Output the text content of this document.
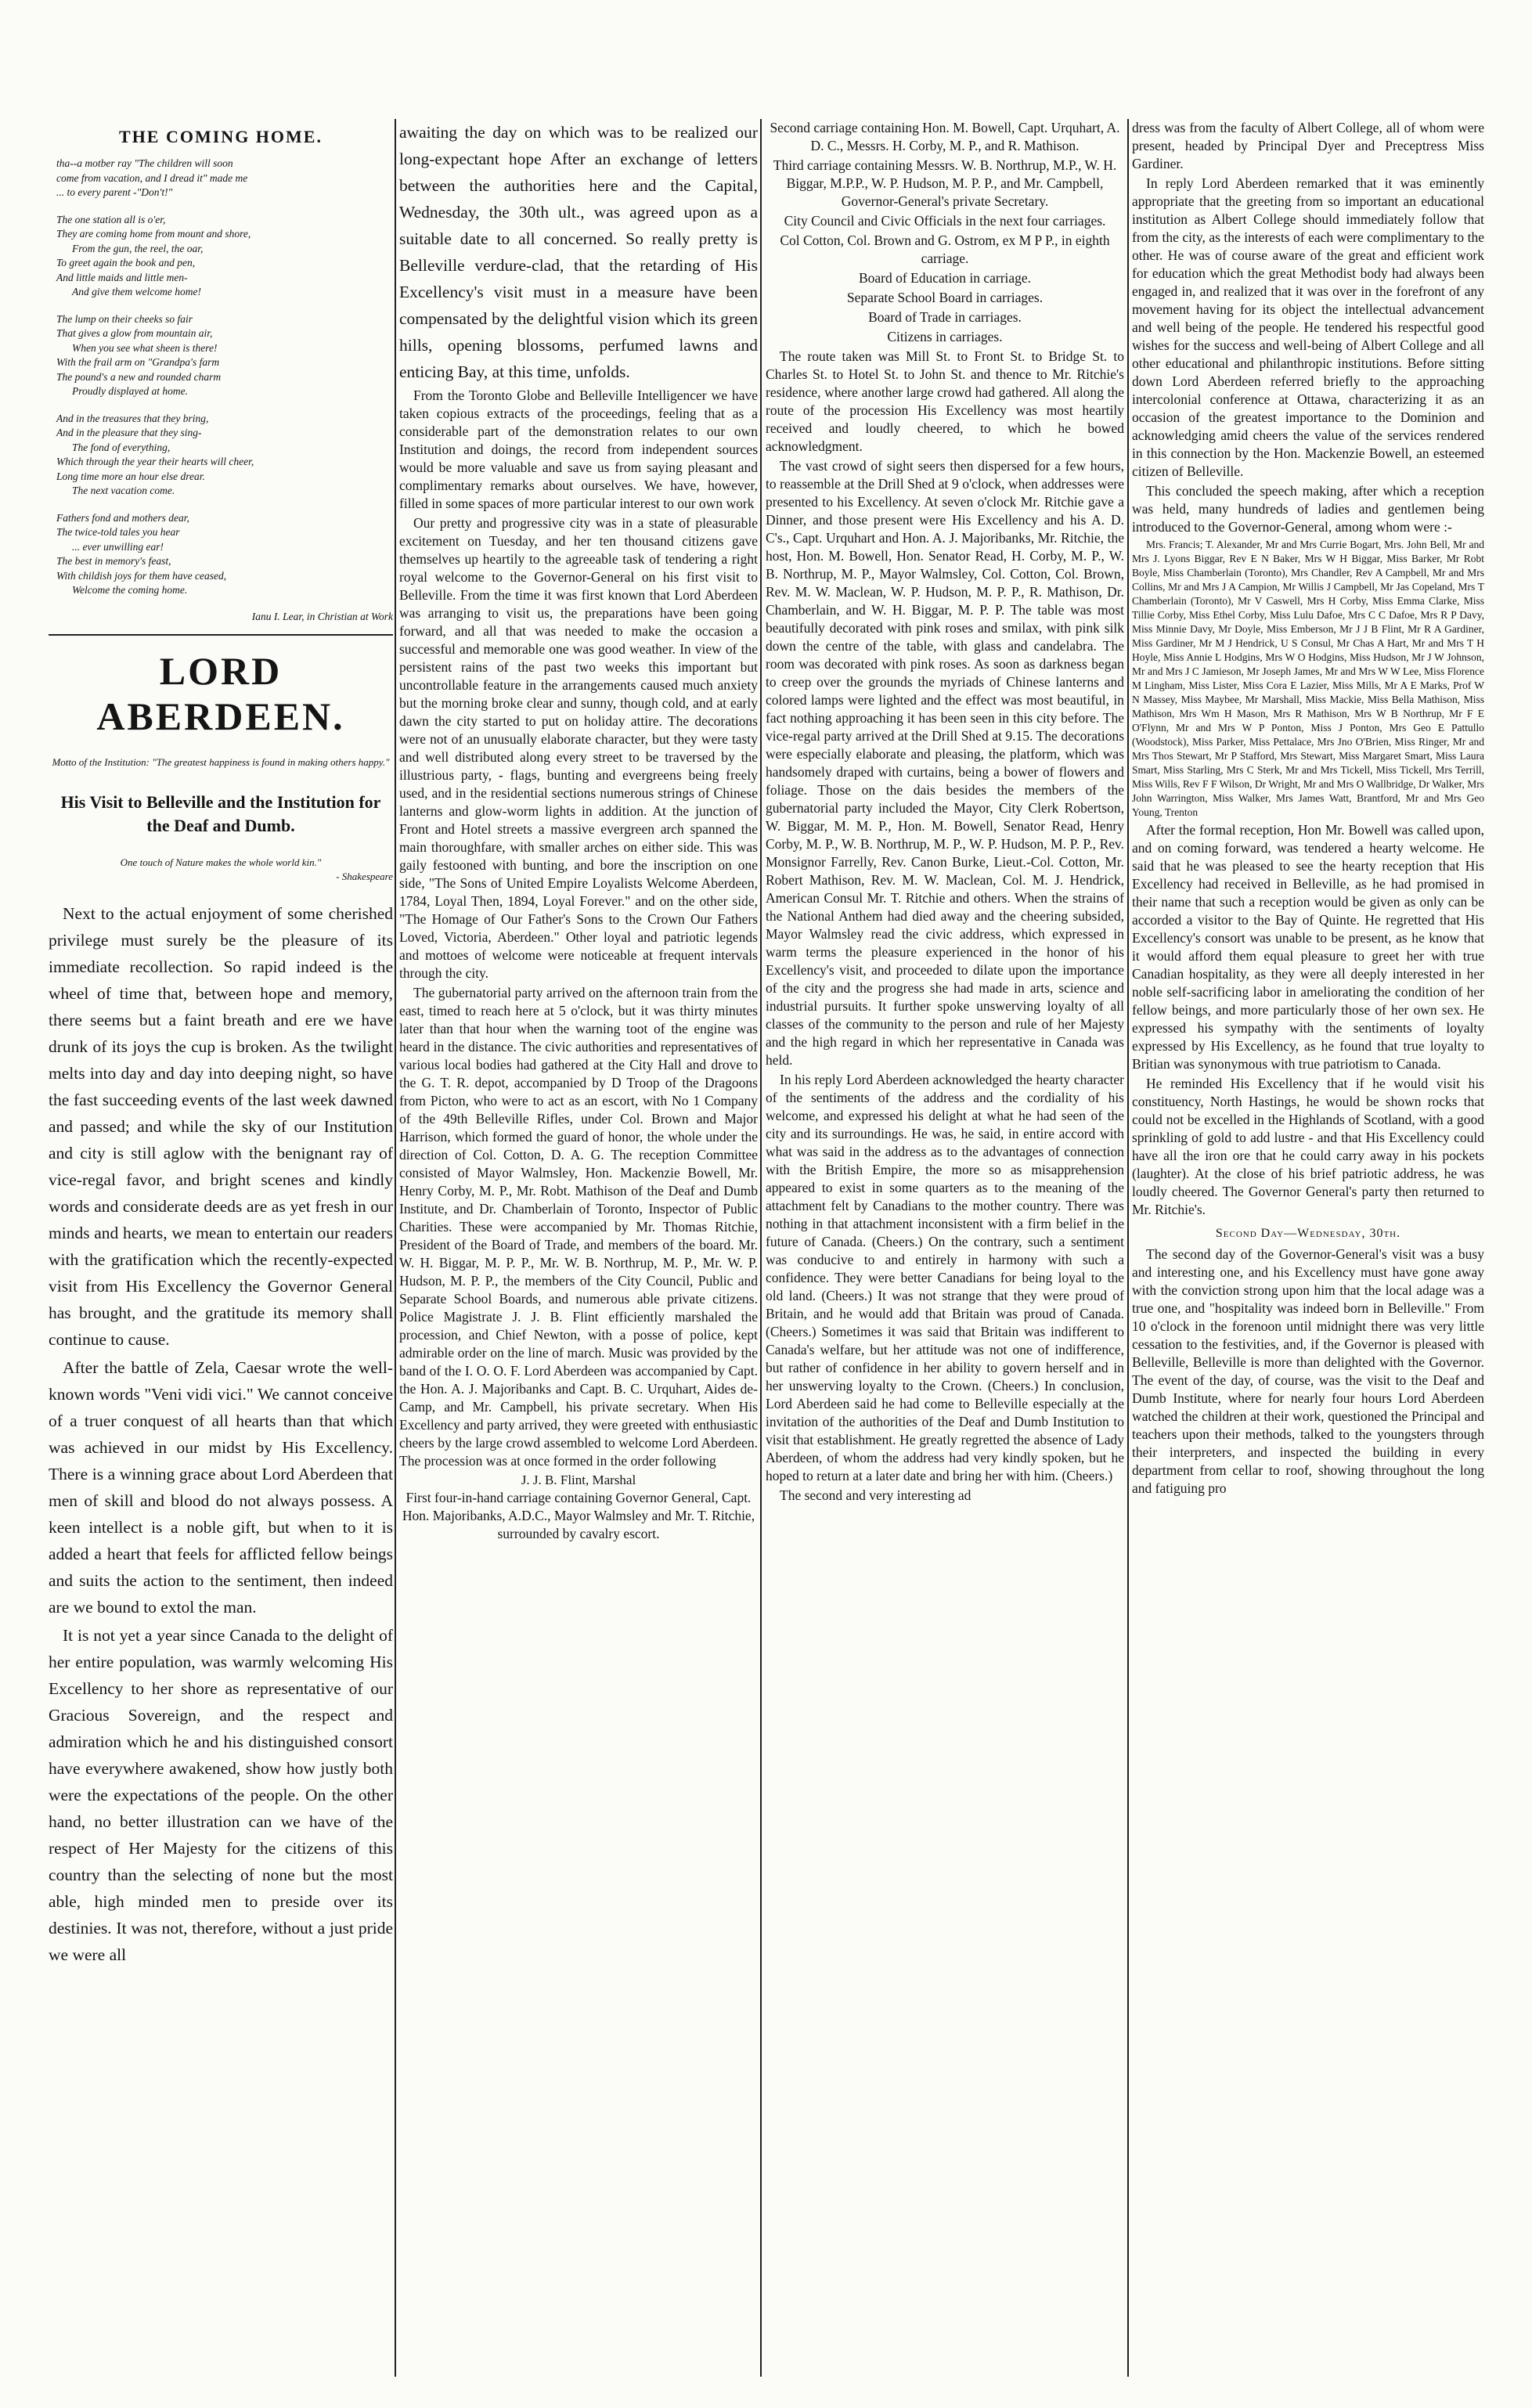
THE COMING HOME.
tha--a motber ray "The children will soon
come from vacation, and I dread it" made me
... to every parent -"Don't!"
The one station all is o'er,
They are coming home from mount and shore,
From the gun, the reel, the oar,
To greet again the book and pen,
And little maids and little men-
And give them welcome home!
The lump on their cheeks so fair
That gives a glow from mountain air,
When you see what sheen is there!
With the frail arm on "Grandpa's farm
The pound's a new and rounded charm
Proudly displayed at home.
And in the treasures that they bring,
And in the pleasure that they sing-
The fond of everything,
Which through the year their hearts will cheer,
Long time more an hour else drear.
The next vacation come.
Fathers fond and mothers dear,
The twice-told tales you hear
... ever unwilling ear!
The best in memory's feast,
With childish joys for them have ceased,
Welcome the coming home.
Ianu I. Lear, in Christian at Work
LORD ABERDEEN.
Motto of the Institution: "The greatest happiness is found in making others happy."
His Visit to Belleville and the Institution for the Deaf and Dumb.
One touch of Nature makes the whole world kin."
- Shakespeare

Next to the actual enjoyment of some cherished privilege must surely be the pleasure of its immediate recollection. So rapid indeed is the wheel of time that, between hope and memory, there seems but a faint breath and ere we have drunk of its joys the cup is broken. As the twilight melts into day and day into deeping night, so have the fast succeeding events of the last week dawned and passed; and while the sky of our Institution and city is still aglow with the benignant ray of vice-regal favor, and bright scenes and kindly words and considerate deeds are as yet fresh in our minds and hearts, we mean to entertain our readers with the gratification which the recently-expected visit from His Excellency the Governor General has brought, and the gratitude its memory shall continue to cause.

After the battle of Zela, Caesar wrote the well-known words "Veni vidi vici." We cannot conceive of a truer conquest of all hearts than that which was achieved in our midst by His Excellency. There is a winning grace about Lord Aberdeen that men of skill and blood do not always possess. A keen intellect is a noble gift, but when to it is added a heart that feels for afflicted fellow beings and suits the action to the sentiment, then indeed are we bound to extol the man.

It is not yet a year since Canada to the delight of her entire population, was warmly welcoming His Excellency to her shore as representative of our Gracious Sovereign, and the respect and admiration which he and his distinguished consort have everywhere awakened, show how justly both were the expectations of the people. On the other hand, no better illustration can we have of the respect of Her Majesty for the citizens of this country than the selecting of none but the most able, high minded men to preside over its destinies. It was not, therefore, without a just pride we were all

awaiting the day on which was to be realized our long-expectant hope After an exchange of letters between the authorities here and the Capital, Wednesday, the 30th ult., was agreed upon as a suitable date to all concerned. So really pretty is Belleville verdure-clad, that the retarding of His Excellency's visit must in a measure have been compensated by the delightful vision which its green hills, opening blossoms, perfumed lawns and enticing Bay, at this time, unfolds.

From the Toronto Globe and Belleville Intelligencer we have taken copious extracts of the proceedings, feeling that as a considerable part of the demonstration relates to our own Institution and doings, the record from independent sources would be more valuable and save us from saying pleasant and complimentary remarks about ourselves. We have, however, filled in some spaces of more particular interest to our own work

Our pretty and progressive city was in a state of pleasurable excitement on Tuesday, and her ten thousand citizens gave themselves up heartily to the agreeable task of tendering a right royal welcome to the Governor-General on his first visit to Belleville. From the time it was first known that Lord Aberdeen was arranging to visit us, the preparations have been going forward, and all that was needed to make the occasion a successful and memorable one was good weather. In view of the persistent rains of the past two weeks this important but uncontrollable feature in the arrangements caused much anxiety but the morning broke clear and sunny, though cold, and at early dawn the city started to put on holiday attire. The decorations were not of an unusually elaborate character, but they were tasty and well distributed along every street to be traversed by the illustrious party, - flags, bunting and evergreens being freely used, and in the residential sections numerous strings of Chinese lanterns and glow-worm lights in addition. At the junction of Front and Hotel streets a massive evergreen arch spanned the main thoroughfare, with smaller arches on either side. This was gaily festooned with bunting, and bore the inscription on one side, "The Sons of United Empire Loyalists Welcome Aberdeen, 1784, Loyal Then, 1894, Loyal Forever." and on the other side, "The Homage of Our Father's Sons to the Crown Our Fathers Loved, Victoria, Aberdeen." Other loyal and patriotic legends and mottoes of welcome were noticeable at frequent intervals through the city.

The gubernatorial party arrived on the afternoon train from the east, timed to reach here at 5 o'clock, but it was thirty minutes later than that hour when the warning toot of the engine was heard in the distance. The civic authorities and representatives of various local bodies had gathered at the City Hall and drove to the G. T. R. depot, accompanied by D Troop of the Dragoons from Picton, who were to act as an escort, with No 1 Company of the 49th Belleville Rifles, under Col. Brown and Major Harrison, which formed the guard of honor, the whole under the direction of Col. Cotton, D. A. G. The reception Committee consisted of Mayor Walmsley, Hon. Mackenzie Bowell, Mr. Henry Corby, M. P., Mr. Robt. Mathison of the Deaf and Dumb Institute, and Dr. Chamberlain of Toronto, Inspector of Public Charities. These were accompanied by Mr. Thomas Ritchie, President of the Board of Trade, and members of the board. Mr. W. H. Biggar, M. P. P., Mr. W. B. Northrup, M. P., Mr. W. P. Hudson, M. P. P., the members of the City Council, Public and Separate School Boards, and numerous able private citizens. Police Magistrate J. J. B. Flint efficiently marshaled the procession, and Chief Newton, with a posse of police, kept admirable order on the line of march. Music was provided by the band of the I. O. O. F. Lord Aberdeen was accompanied by Capt. the Hon. A. J. Majoribanks and Capt. B. C. Urquhart, Aides de-Camp, and Mr. Campbell, his private secretary. When His Excellency and party arrived, they were greeted with enthusiastic cheers by the large crowd assembled to welcome Lord Aberdeen. The procession was at once formed in the order following

J. J. B. Flint, Marshal

First four-in-hand carriage containing Governor General, Capt. Hon. Majoribanks, A.D.C., Mayor Walmsley and Mr. T. Ritchie, surrounded by cavalry escort.

Second carriage containing Hon. M. Bowell, Capt. Urquhart, A. D. C., Messrs. H. Corby, M. P., and R. Mathison.

Third carriage containing Messrs. W. B. Northrup, M.P., W. H. Biggar, M.P.P., W. P. Hudson, M. P. P., and Mr. Campbell, Governor-General's private Secretary.

City Council and Civic Officials in the next four carriages.

Col Cotton, Col. Brown and G. Ostrom, ex M P P., in eighth carriage.

Board of Education in carriage.

Separate School Board in carriages.

Board of Trade in carriages.

Citizens in carriages.

The route taken was Mill St. to Front St. to Bridge St. to Charles St. to Hotel St. to John St. and thence to Mr. Ritchie's residence, where another large crowd had gathered. All along the route of the procession His Excellency was most heartily received and loudly cheered, to which he bowed acknowledgment.

The vast crowd of sight seers then dispersed for a few hours, to reassemble at the Drill Shed at 9 o'clock, when addresses were presented to his Excellency. At seven o'clock Mr. Ritchie gave a Dinner, and those present were His Excellency and his A. D. C's., Capt. Urquhart and Hon. A. J. Majoribanks, Mr. Ritchie, the host, Hon. M. Bowell, Hon. Senator Read, H. Corby, M. P., W. B. Northrup, M. P., Mayor Walmsley, Col. Cotton, Col. Brown, Rev. M. W. Maclean, W. P. Hudson, M. P. P., R. Mathison, Dr. Chamberlain, and W. H. Biggar, M. P. P. The table was most beautifully decorated with pink roses and smilax, with pink silk down the centre of the table, with glass and candelabra. The room was decorated with pink roses. As soon as darkness began to creep over the grounds the myriads of Chinese lanterns and colored lamps were lighted and the effect was most beautiful, in fact nothing approaching it has been seen in this city before. The vice-regal party arrived at the Drill Shed at 9.15. The decorations were especially elaborate and pleasing, the platform, which was handsomely draped with curtains, being a bower of flowers and foliage. Those on the dais besides the members of the gubernatorial party included the Mayor, City Clerk Robertson, W. Biggar, M. M. P., Hon. M. Bowell, Senator Read, Henry Corby, M. P., W. B. Northrup, M. P., W. P. Hudson, M. P. P., Rev. Monsignor Farrelly, Rev. Canon Burke, Lieut.-Col. Cotton, Mr. Robert Mathison, Rev. M. W. Maclean, Col. M. J. Hendrick, American Consul Mr. T. Ritchie and others. When the strains of the National Anthem had died away and the cheering subsided, Mayor Walmsley read the civic address, which expressed in warm terms the pleasure experienced in the honor of his Excellency's visit, and proceeded to dilate upon the importance of the city and the progress she had made in arts, science and industrial pursuits. It further spoke unswerving loyalty of all classes of the community to the person and rule of her Majesty and the high regard in which her representative in Canada was held.

In his reply Lord Aberdeen acknowledged the hearty character of the sentiments of the address and the cordiality of his welcome, and expressed his delight at what he had seen of the city and its surroundings. He was, he said, in entire accord with what was said in the address as to the advantages of connection with the British Empire, the more so as misapprehension appeared to exist in some quarters as to the meaning of the attachment felt by Canadians to the mother country. There was nothing in that attachment inconsistent with a firm belief in the future of Canada. (Cheers.) On the contrary, such a sentiment was conducive to and entirely in harmony with such a confidence. They were better Canadians for being loyal to the old land. (Cheers.) It was not strange that they were proud of Britain, and he would add that Britain was proud of Canada. (Cheers.) Sometimes it was said that Britain was indifferent to Canada's welfare, but her attitude was not one of indifference, but rather of confidence in her ability to govern herself and in her unswerving loyalty to the Crown. (Cheers.) In conclusion, Lord Aberdeen said he had come to Belleville especially at the invitation of the authorities of the Deaf and Dumb Institution to visit that establishment. He greatly regretted the absence of Lady Aberdeen, of whom the address had very kindly spoken, but he hoped to return at a later date and bring her with him. (Cheers.)

The second and very interesting ad

dress was from the faculty of Albert College, all of whom were present, headed by Principal Dyer and Preceptress Miss Gardiner.

In reply Lord Aberdeen remarked that it was eminently appropriate that the greeting from so important an educational institution as Albert College should immediately follow that from the city, as the interests of each were complimentary to the other. He was of course aware of the great and efficient work for education which the great Methodist body had always been engaged in, and realized that it was over in the forefront of any movement having for its object the intellectual advancement and well being of the people. He tendered his respectful good wishes for the success and well-being of Albert College and all other educational and philanthropic institutions. Before sitting down Lord Aberdeen referred briefly to the approaching intercolonial conference at Ottawa, characterizing it as an occasion of the greatest importance to the Dominion and acknowledging amid cheers the value of the services rendered in this connection by the Hon. Mackenzie Bowell, an esteemed citizen of Belleville.

This concluded the speech making, after which a reception was held, many hundreds of ladies and gentlemen being introduced to the Governor-General, among whom were :-

Mrs. Francis; T. Alexander, Mr and Mrs Currie Bogart, Mrs. John Bell, Mr and Mrs J. Lyons Biggar, Rev E N Baker, Mrs W H Biggar, Miss Barker, Mr Robt Boyle, Miss Chamberlain (Toronto), Mrs Chandler, Rev A Campbell, Mr and Mrs Collins, Mr and Mrs J A Campion, Mr Willis J Campbell, Mr Jas Copeland, Mrs T Chamberlain (Toronto), Mr V Caswell, Mrs H Corby, Miss Emma Clarke, Miss Tillie Corby, Miss Ethel Corby, Miss Lulu Dafoe, Mrs C C Dafoe, Mrs R P Davy, Miss Minnie Davy, Mr Doyle, Miss Emberson, Mr J J B Flint, Mr R A Gardiner, Miss Gardiner, Mr M J Hendrick, U S Consul, Mr Chas A Hart, Mr and Mrs T H Hoyle, Miss Annie L Hodgins, Mrs W O Hodgins, Miss Hudson, Mr J W Johnson, Mr and Mrs J C Jamieson, Mr Joseph James, Mr and Mrs W W Lee, Miss Florence M Lingham, Miss Lister, Miss Cora E Lazier, Miss Mills, Mr A E Marks, Prof W N Massey, Miss Maybee, Mr Marshall, Miss Mackie, Miss Bella Mathison, Miss Mathison, Mrs Wm H Mason, Mrs R Mathison, Mrs W B Northrup, Mr F E O'Flynn, Mr and Mrs W P Ponton, Miss J Ponton, Mrs Geo E Pattullo (Woodstock), Miss Parker, Miss Pettalace, Mrs Jno O'Brien, Miss Ringer, Mr and Mrs Thos Stewart, Mr P Stafford, Mrs Stewart, Miss Margaret Smart, Miss Laura Smart, Miss Starling, Mrs C Sterk, Mr and Mrs Tickell, Miss Tickell, Mrs Terrill, Miss Wills, Rev F F Wilson, Dr Wright, Mr and Mrs O Wallbridge, Dr Walker, Mrs John Warrington, Miss Walker, Mrs James Watt, Brantford, Mr and Mrs Geo Young, Trenton

After the formal reception, Hon Mr. Bowell was called upon, and on coming forward, was tendered a hearty welcome. He said that he was pleased to see the hearty reception that His Excellency had received in Belleville, as he had promised in their name that such a reception would be given as only can be accorded a visitor to the Bay of Quinte. He regretted that His Excellency's consort was unable to be present, as he know that it would afford them equal pleasure to greet her with true Canadian hospitality, as they were all deeply interested in her noble self-sacrificing labor in ameliorating the condition of her fellow beings, and more particularly those of her own sex. He expressed his sympathy with the sentiments of loyalty expressed by His Excellency, as he found that true loyalty to Britian was synonymous with true patriotism to Canada.

He reminded His Excellency that if he would visit his constituency, North Hastings, he would be shown rocks that could not be excelled in the Highlands of Scotland, with a good sprinkling of gold to add lustre - and that His Excellency could have all the iron ore that he could carry away in his pockets (laughter). At the close of his brief patriotic address, he was loudly cheered. The Governor General's party then returned to Mr. Ritchie's.

Second Day—Wednesday, 30th.

The second day of the Governor-General's visit was a busy and interesting one, and his Excellency must have gone away with the conviction strong upon him that the local adage was a true one, and "hospitality was indeed born in Belleville." From 10 o'clock in the forenoon until midnight there was very little cessation to the festivities, and, if the Governor is pleased with Belleville, Belleville is more than delighted with the Governor. The event of the day, of course, was the visit to the Deaf and Dumb Institute, where for nearly four hours Lord Aberdeen watched the children at their work, questioned the Principal and teachers upon their methods, talked to the youngsters through their interpreters, and inspected the building in every department from cellar to roof, showing throughout the long and fatiguing pro
